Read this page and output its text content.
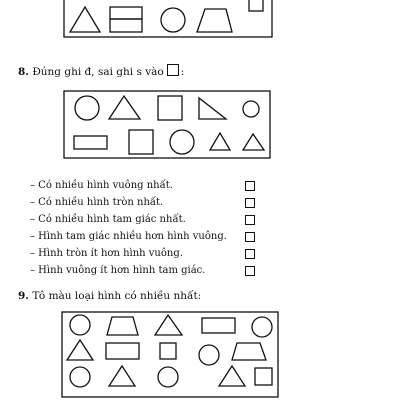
8. Đúng ghi đ, sai ghi s vào :
– Có nhiều hình vuông nhất.
– Có nhiều hình tròn nhất.
– Có nhiều hình tam giác nhất.
– Hình tam giác nhiều hơn hình vuông.
– Hình tròn ít hơn hình vuông.
– Hình vuông ít hơn hình tam giác.
9. Tô màu loại hình có nhiều nhất:
